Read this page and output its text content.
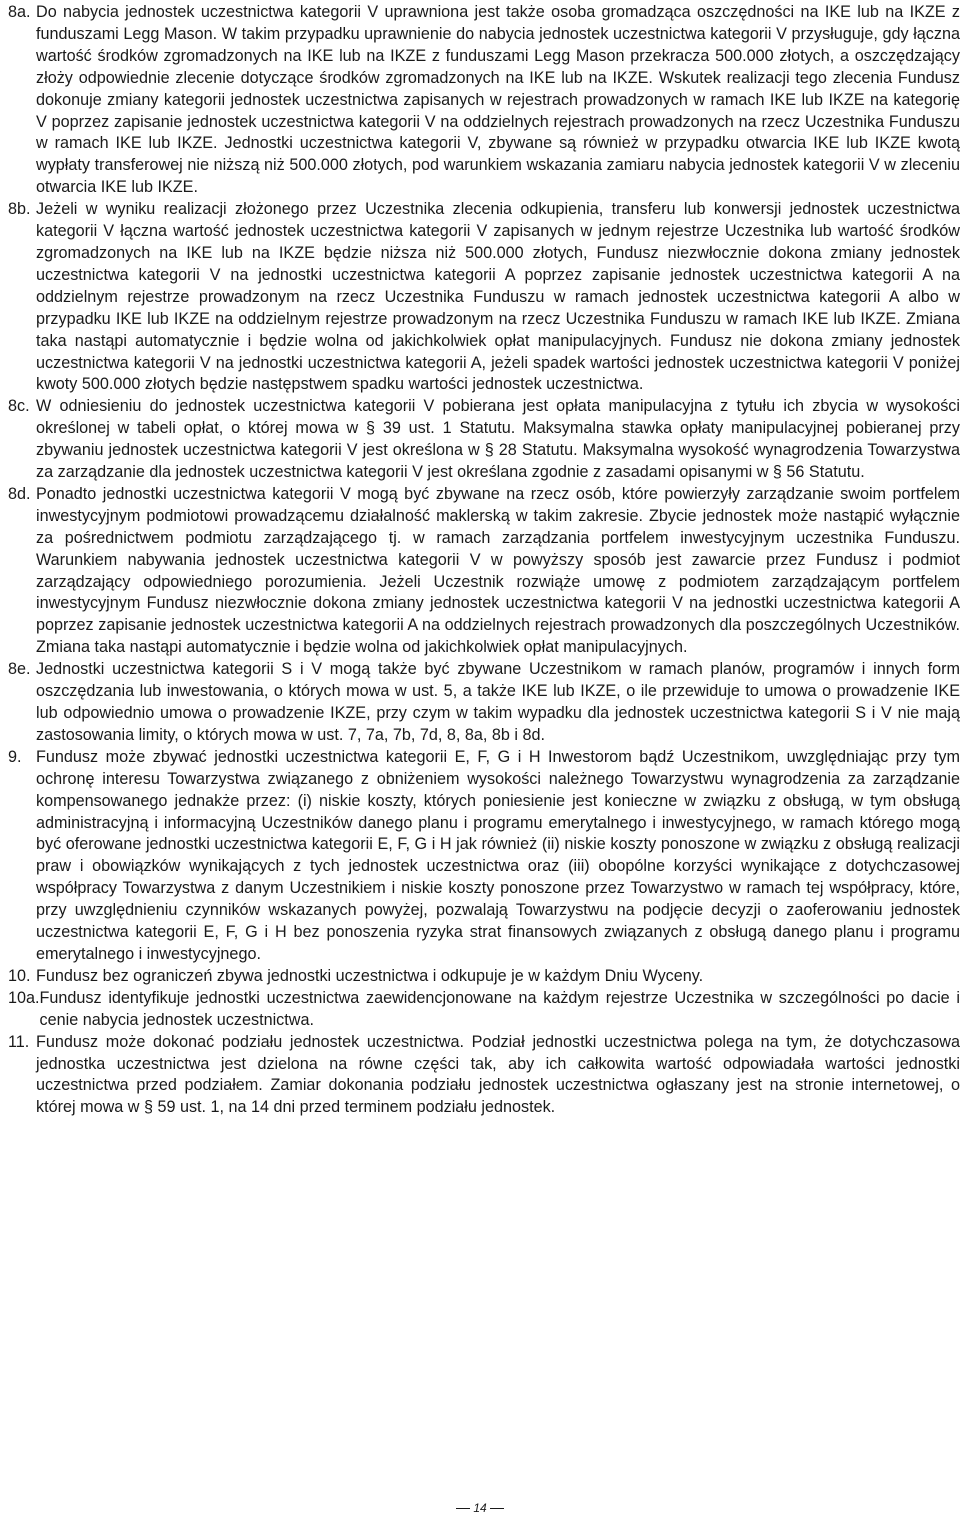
8a. Do nabycia jednostek uczestnictwa kategorii V uprawniona jest także osoba gromadząca oszczędności na IKE lub na IKZE z funduszami Legg Mason. W takim przypadku uprawnienie do nabycia jednostek uczestnictwa kategorii V przysługuje, gdy łączna wartość środków zgromadzonych na IKE lub na IKZE z funduszami Legg Mason przekracza 500.000 złotych, a oszczędzający złoży odpowiednie zlecenie dotyczące środków zgromadzonych na IKE lub na IKZE. Wskutek realizacji tego zlecenia Fundusz dokonuje zmiany kategorii jednostek uczestnictwa zapisanych w rejestrach prowadzonych w ramach IKE lub IKZE na kategorię V poprzez zapisanie jednostek uczestnictwa kategorii V na oddzielnych rejestrach prowadzonych na rzecz Uczestnika Funduszu w ramach IKE lub IKZE. Jednostki uczestnictwa kategorii V, zbywane są również w przypadku otwarcia IKE lub IKZE kwotą wypłaty transferowej nie niższą niż 500.000 złotych, pod warunkiem wskazania zamiaru nabycia jednostek kategorii V w zleceniu otwarcia IKE lub IKZE.
8b. Jeżeli w wyniku realizacji złożonego przez Uczestnika zlecenia odkupienia, transferu lub konwersji jednostek uczestnictwa kategorii V łączna wartość jednostek uczestnictwa kategorii V zapisanych w jednym rejestrze Uczestnika lub wartość środków zgromadzonych na IKE lub na IKZE będzie niższa niż 500.000 złotych, Fundusz niezwłocznie dokona zmiany jednostek uczestnictwa kategorii V na jednostki uczestnictwa kategorii A poprzez zapisanie jednostek uczestnictwa kategorii A na oddzielnym rejestrze prowadzonym na rzecz Uczestnika Funduszu w ramach jednostek uczestnictwa kategorii A albo w przypadku IKE lub IKZE na oddzielnym rejestrze prowadzonym na rzecz Uczestnika Funduszu w ramach IKE lub IKZE. Zmiana taka nastąpi automatycznie i będzie wolna od jakichkolwiek opłat manipulacyjnych. Fundusz nie dokona zmiany jednostek uczestnictwa kategorii V na jednostki uczestnictwa kategorii A, jeżeli spadek wartości jednostek uczestnictwa kategorii V poniżej kwoty 500.000 złotych będzie następstwem spadku wartości jednostek uczestnictwa.
8c. W odniesieniu do jednostek uczestnictwa kategorii V pobierana jest opłata manipulacyjna z tytułu ich zbycia w wysokości określonej w tabeli opłat, o której mowa w § 39 ust. 1 Statutu. Maksymalna stawka opłaty manipulacyjnej pobieranej przy zbywaniu jednostek uczestnictwa kategorii V jest określona w § 28 Statutu. Maksymalna wysokość wynagrodzenia Towarzystwa za zarządzanie dla jednostek uczestnictwa kategorii V jest określana zgodnie z zasadami opisanymi w § 56 Statutu.
8d. Ponadto jednostki uczestnictwa kategorii V mogą być zbywane na rzecz osób, które powierzyły zarządzanie swoim portfelem inwestycyjnym podmiotowi prowadzącemu działalność maklerską w takim zakresie. Zbycie jednostek może nastąpić wyłącznie za pośrednictwem podmiotu zarządzającego tj. w ramach zarządzania portfelem inwestycyjnym uczestnika Funduszu. Warunkiem nabywania jednostek uczestnictwa kategorii V w powyższy sposób jest zawarcie przez Fundusz i podmiot zarządzający odpowiedniego porozumienia. Jeżeli Uczestnik rozwiąże umowę z podmiotem zarządzającym portfelem inwestycyjnym Fundusz niezwłocznie dokona zmiany jednostek uczestnictwa kategorii V na jednostki uczestnictwa kategorii A poprzez zapisanie jednostek uczestnictwa kategorii A na oddzielnych rejestrach prowadzonych dla poszczególnych Uczestników. Zmiana taka nastąpi automatycznie i będzie wolna od jakichkolwiek opłat manipulacyjnych.
8e. Jednostki uczestnictwa kategorii S i V mogą także być zbywane Uczestnikom w ramach planów, programów i innych form oszczędzania lub inwestowania, o których mowa w ust. 5, a także IKE lub IKZE, o ile przewiduje to umowa o prowadzenie IKE lub odpowiednio umowa o prowadzenie IKZE, przy czym w takim wypadku dla jednostek uczestnictwa kategorii S i V nie mają zastosowania limity, o których mowa w ust. 7, 7a, 7b, 7d, 8, 8a, 8b i 8d.
9. Fundusz może zbywać jednostki uczestnictwa kategorii E, F, G i H Inwestorom bądź Uczestnikom, uwzględniając przy tym ochronę interesu Towarzystwa związanego z obniżeniem wysokości należnego Towarzystwu wynagrodzenia za zarządzanie kompensowanego jednakże przez: (i) niskie koszty, których poniesienie jest konieczne w związku z obsługą, w tym obsługą administracyjną i informacyjną Uczestników danego planu i programu emerytalnego i inwestycyjnego, w ramach którego mogą być oferowane jednostki uczestnictwa kategorii E, F, G i H jak również (ii) niskie koszty ponoszone w związku z obsługą realizacji praw i obowiązków wynikających z tych jednostek uczestnictwa oraz (iii) obopólne korzyści wynikające z dotychczasowej współpracy Towarzystwa z danym Uczestnikiem i niskie koszty ponoszone przez Towarzystwo w ramach tej współpracy, które, przy uwzględnieniu czynników wskazanych powyżej, pozwalają Towarzystwu na podjęcie decyzji o zaoferowaniu jednostek uczestnictwa kategorii E, F, G i H bez ponoszenia ryzyka strat finansowych związanych z obsługą danego planu i programu emerytalnego i inwestycyjnego.
10. Fundusz bez ograniczeń zbywa jednostki uczestnictwa i odkupuje je w każdym Dniu Wyceny.
10a. Fundusz identyfikuje jednostki uczestnictwa zaewidencjonowane na każdym rejestrze Uczestnika w szczególności po dacie i cenie nabycia jednostek uczestnictwa.
11. Fundusz może dokonać podziału jednostek uczestnictwa. Podział jednostki uczestnictwa polega na tym, że dotychczasowa jednostka uczestnictwa jest dzielona na równe części tak, aby ich całkowita wartość odpowiadała wartości jednostki uczestnictwa przed podziałem. Zamiar dokonania podziału jednostek uczestnictwa ogłaszany jest na stronie internetowej, o której mowa w § 59 ust. 1, na 14 dni przed terminem podziału jednostek.
14
